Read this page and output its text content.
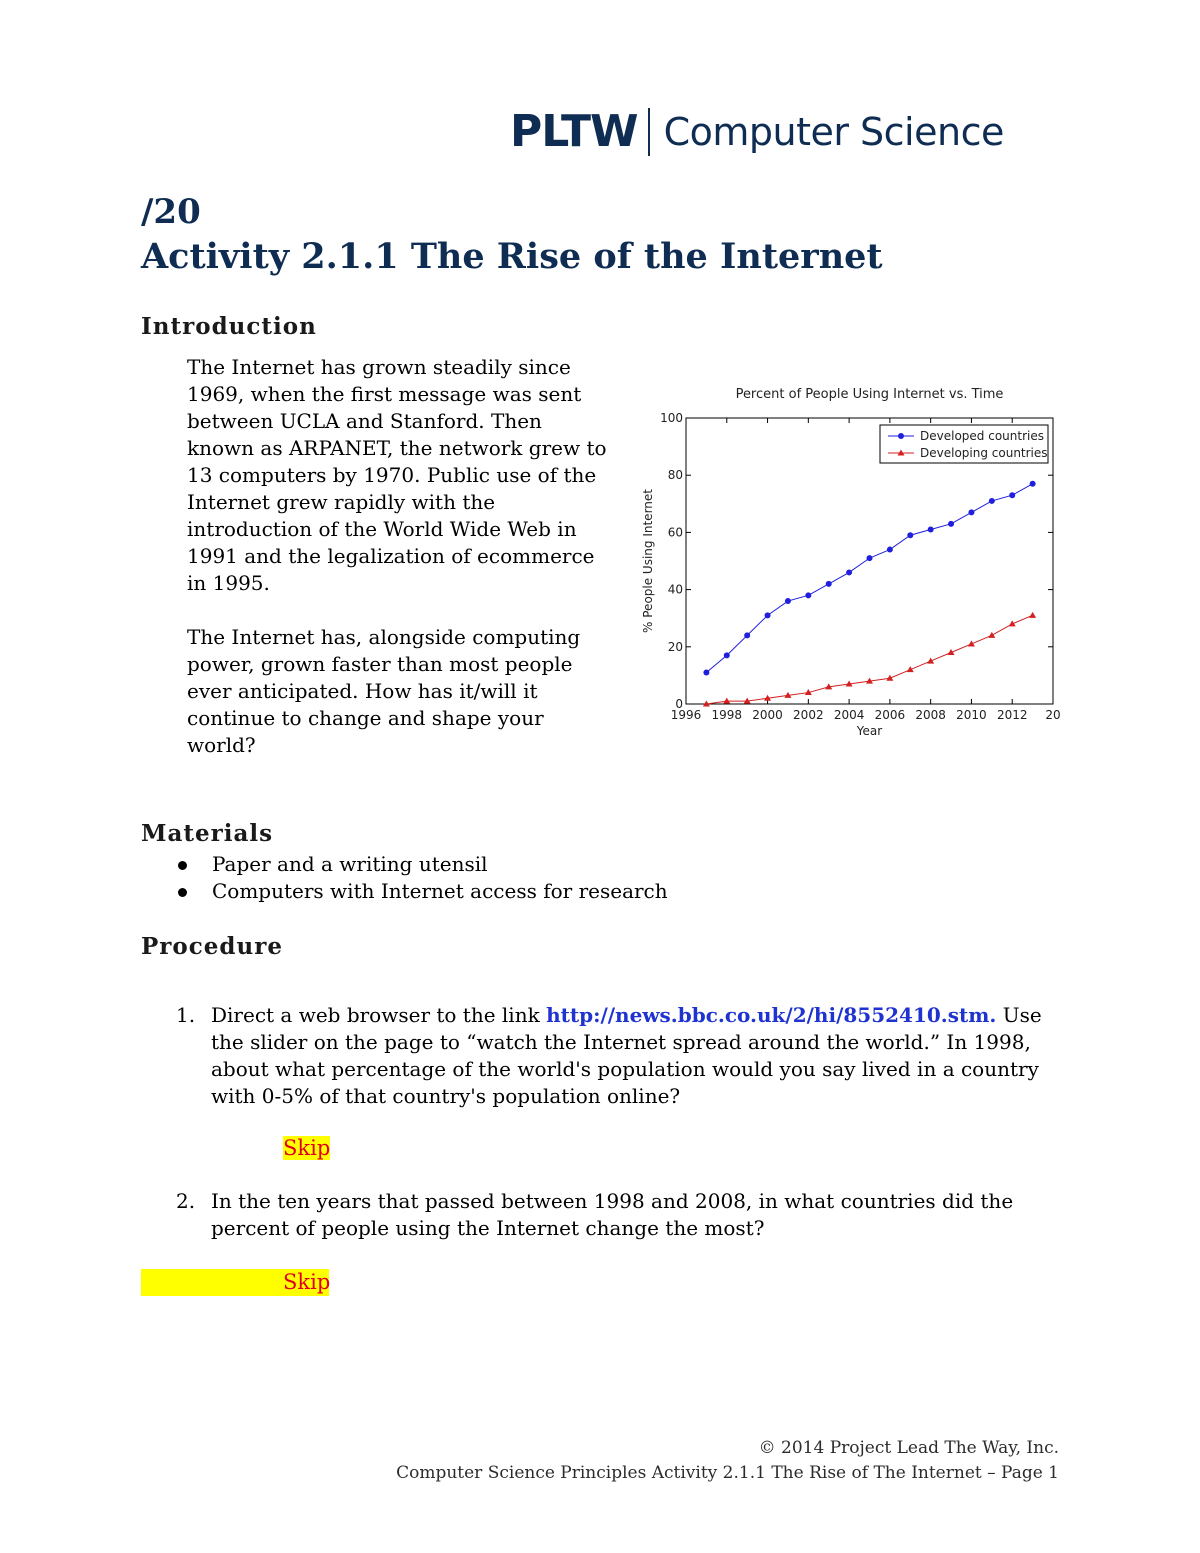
PLTW Computer Science
/20
Activity 2.1.1 The Rise of the Internet
Introduction

The Internet has grown steadily since 1969, when the first message was sent between UCLA and Stanford. Then known as ARPANET, the network grew to 13 computers by 1970. Public use of the Internet grew rapidly with the introduction of the World Wide Web in 1991 and the legalization of ecommerce in 1995.

The Internet has, alongside computing power, grown faster than most people ever anticipated. How has it/will it continue to change and shape your world?

Percent of People Using Internet vs. Time
0
20
40
60
80
100
1996 1998 2000 2002 2004 2006 2008 2010 2012 20
Year
% People Using Internet
Developed countries
Developing countries
Materials
Paper and a writing utensil
Computers with Internet access for research
Procedure
1. Direct a web browser to the link http://news.bbc.co.uk/2/hi/8552410.stm. Use the slider on the page to “watch the Internet spread around the world.” In 1998, about what percentage of the world's population would you say lived in a country with 0-5% of that country's population online?
Skip
2. In the ten years that passed between 1998 and 2008, in what countries did the percent of people using the Internet change the most?
Skip
© 2014 Project Lead The Way, Inc.
Computer Science Principles Activity 2.1.1 The Rise of The Internet – Page 1
